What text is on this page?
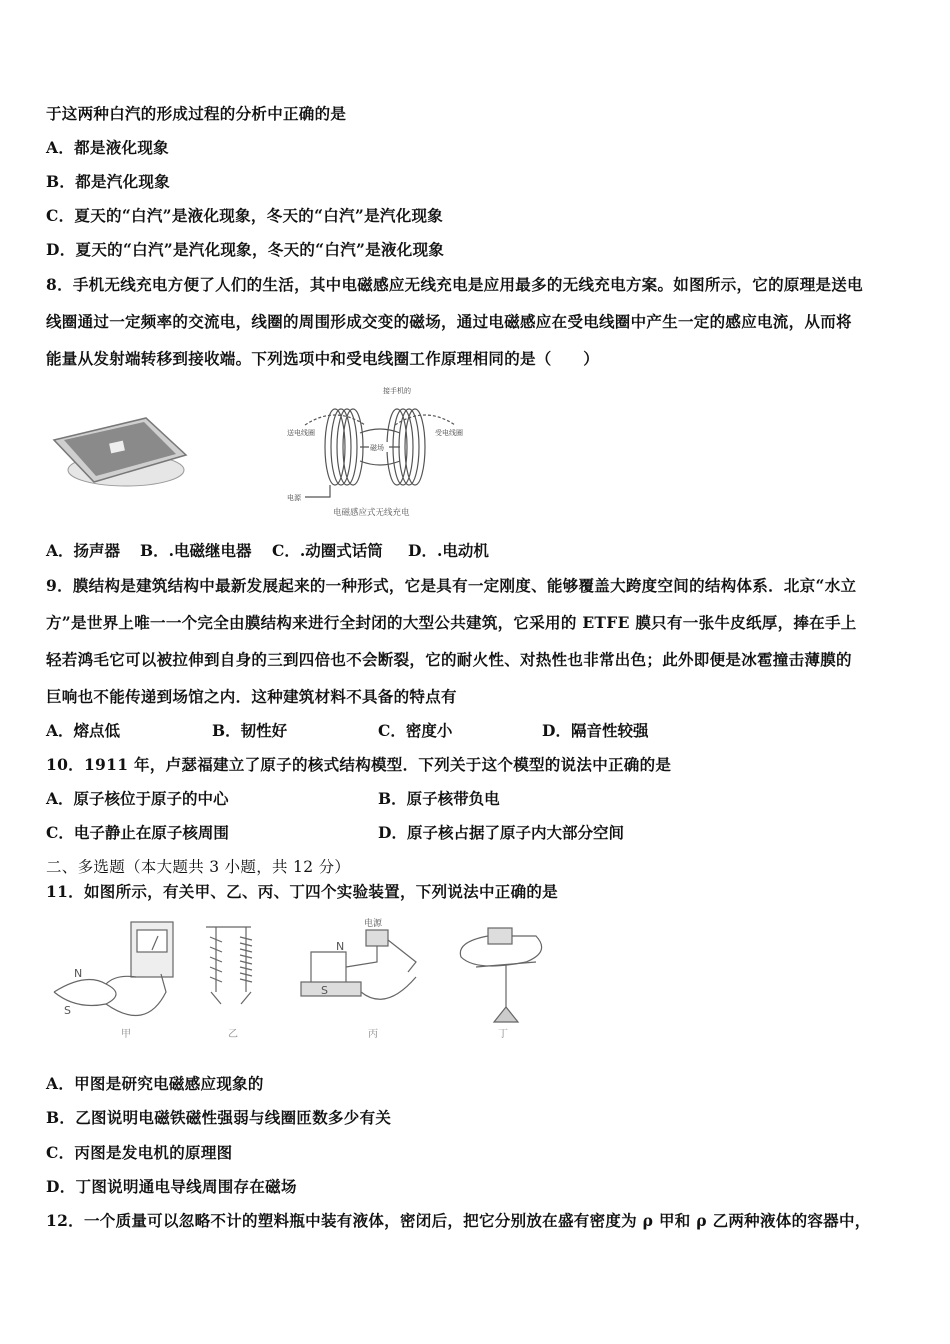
于这两种白汽的形成过程的分析中正确的是
A．都是液化现象
B．都是汽化现象
C．夏天的“白汽”是液化现象，冬天的“白汽”是汽化现象
D．夏天的“白汽”是汽化现象，冬天的“白汽”是液化现象
8．手机无线充电方便了人们的生活，其中电磁感应无线充电是应用最多的无线充电方案。如图所示，它的原理是送电
线圈通过一定频率的交流电，线圈的周围形成交变的磁场，通过电磁感应在受电线圈中产生一定的感应电流，从而将
能量从发射端转移到接收端。下列选项中和受电线圈工作原理相同的是（　　）
接手机的
送电线圈	受电线圈
磁场
电源
电磁感应式无线充电
A．扬声器 B．.电磁继电器 C．.动圈式话筒 D．.电动机
9．膜结构是建筑结构中最新发展起来的一种形式，它是具有一定刚度、能够覆盖大跨度空间的结构体系．北京“水立
方”是世界上唯一一个完全由膜结构来进行全封闭的大型公共建筑，它采用的 ETFE 膜只有一张牛皮纸厚，捧在手上
轻若鸿毛它可以被拉伸到自身的三到四倍也不会断裂，它的耐火性、对热性也非常出色；此外即便是冰雹撞击薄膜的
巨响也不能传递到场馆之内．这种建筑材料不具备的特点有
A．熔点低	B．韧性好	C．密度小	D．隔音性较强
10．1911 年，卢瑟福建立了原子的核式结构模型．下列关于这个模型的说法中正确的是
A．原子核位于原子的中心	B．原子核带负电
C．电子静止在原子核周围	D．原子核占据了原子内大部分空间
二、多选题（本大题共 3 小题，共 12 分）
11．如图所示，有关甲、乙、丙、丁四个实验装置，下列说法中正确的是
N
S
N
S
电源
甲	乙	丙	丁
A．甲图是研究电磁感应现象的
B．乙图说明电磁铁磁性强弱与线圈匝数多少有关
C．丙图是发电机的原理图
D．丁图说明通电导线周围存在磁场
12．一个质量可以忽略不计的塑料瓶中装有液体，密闭后，把它分别放在盛有密度为 ρ 甲和 ρ 乙两种液体的容器中，
